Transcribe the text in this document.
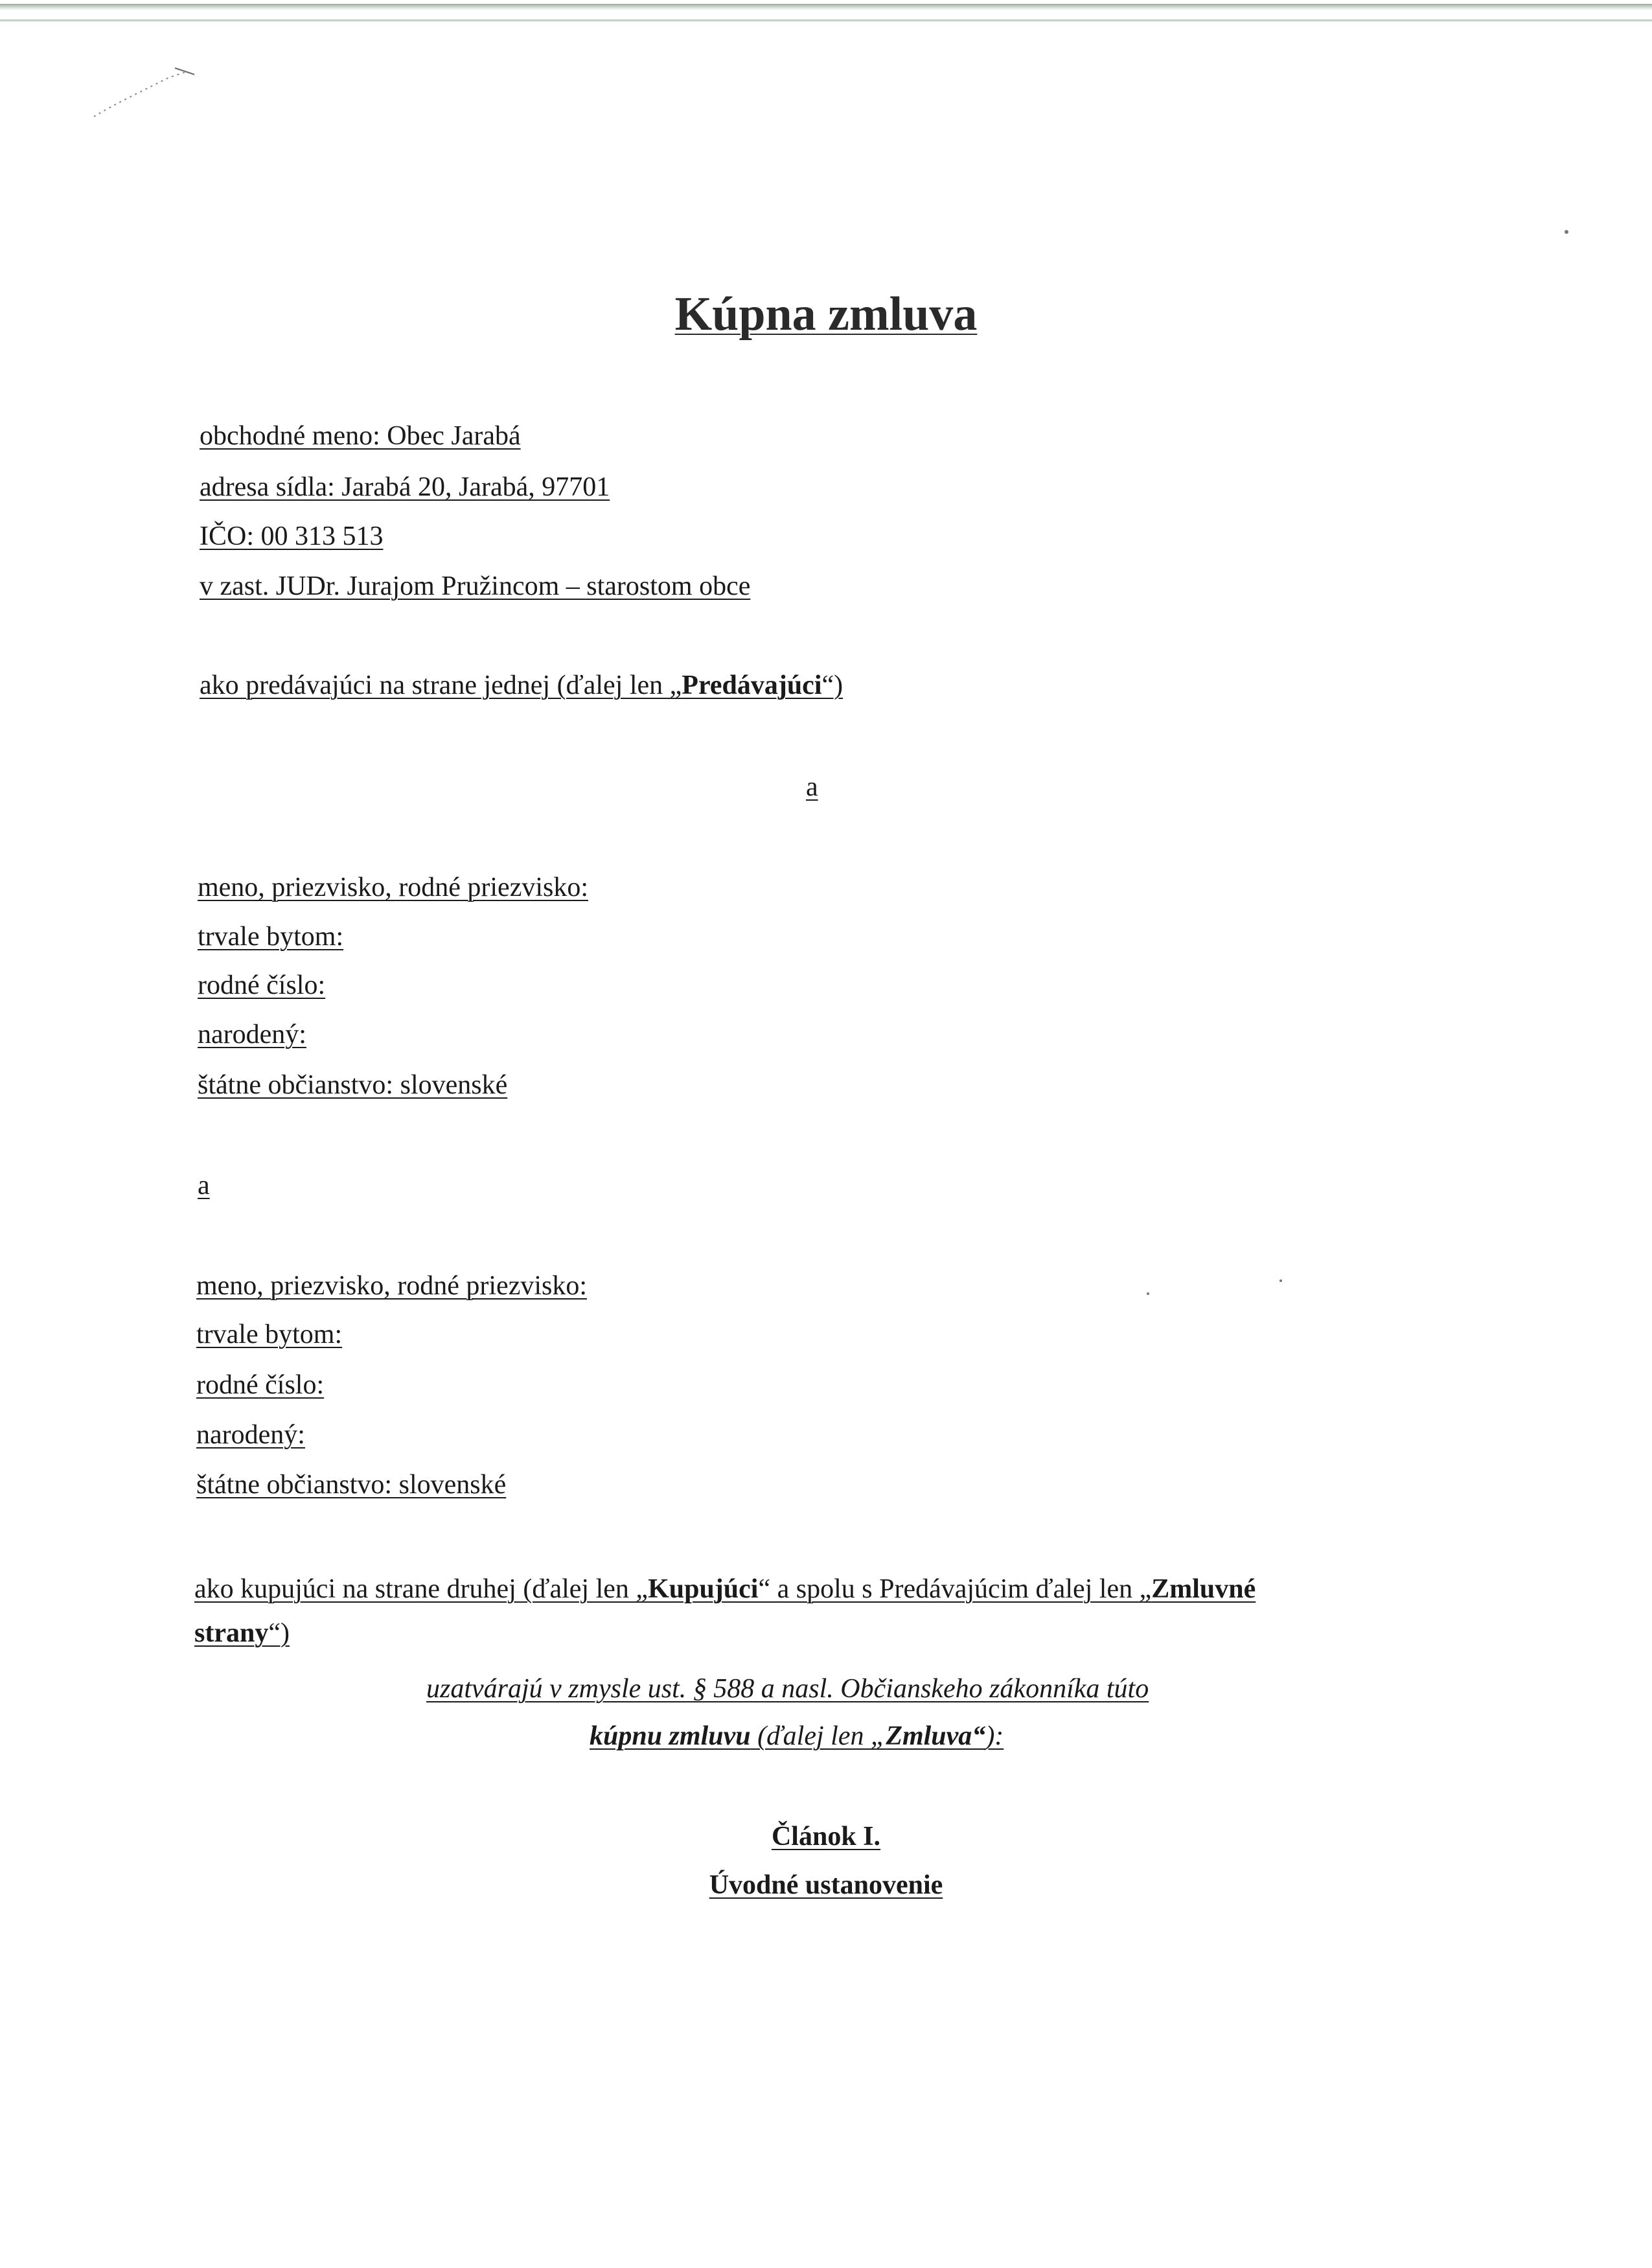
Kúpna zmluva
obchodné meno: Obec Jarabá
adresa sídla: Jarabá 20, Jarabá, 97701
IČO: 00 313 513
v zast. JUDr. Jurajom Pružincom – starostom obce
ako predávajúci na strane jednej (ďalej len „Predávajúci“)
a
meno, priezvisko, rodné priezvisko:
trvale bytom:
rodné číslo:
narodený:
štátne občianstvo: slovenské
a
meno, priezvisko, rodné priezvisko:
trvale bytom:
rodné číslo:
narodený:
štátne občianstvo: slovenské
ako kupujúci na strane druhej (ďalej len „Kupujúci“ a spolu s Predávajúcim ďalej len „Zmluvné
strany“)
uzatvárajú v zmysle ust. § 588 a nasl. Občianskeho zákonníka túto
kúpnu zmluvu (ďalej len „Zmluva“):
Článok I.
Úvodné ustanovenie
